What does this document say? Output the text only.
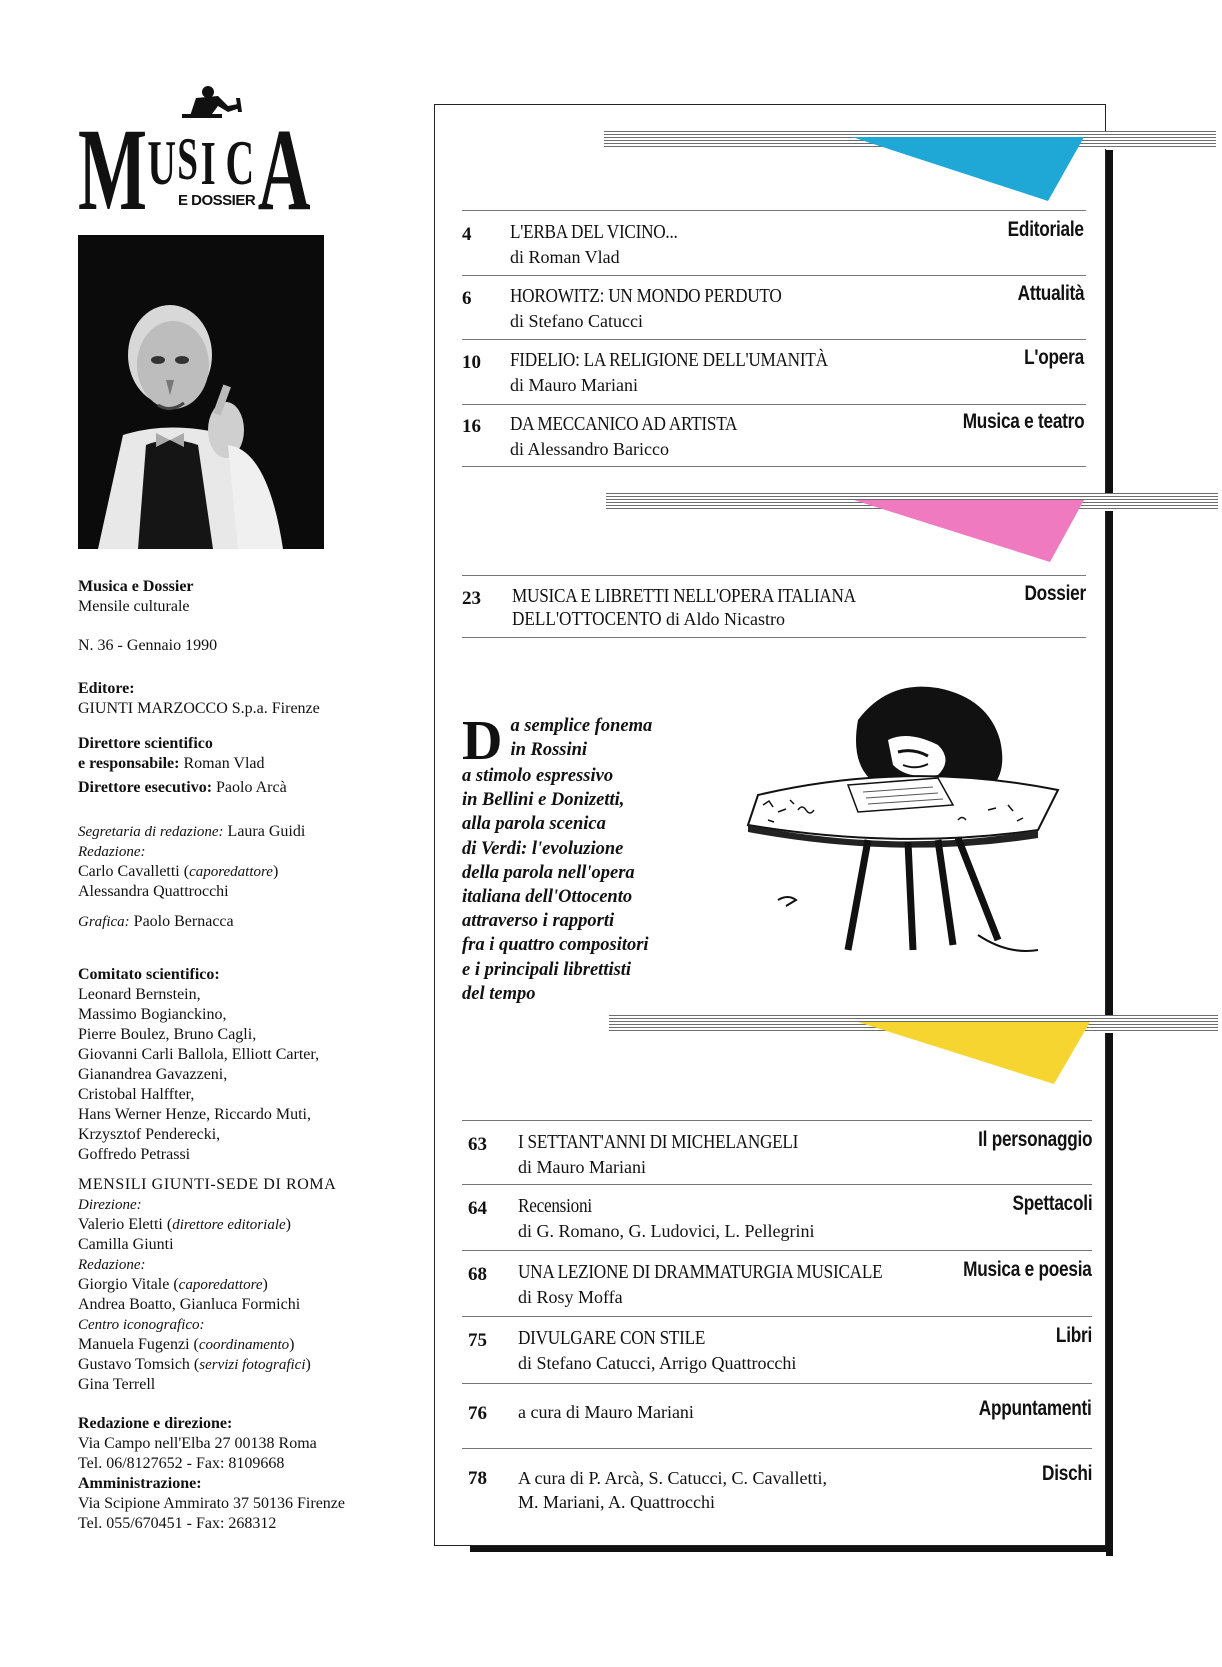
M U S I C A
E DOSSIER
Musica e Dossier
Mensile culturale
N. 36 - Gennaio 1990
Editore:
GIUNTI MARZOCCO S.p.a. Firenze
Direttore scientifico
e responsabile: Roman Vlad
Direttore esecutivo: Paolo Arcà
Segretaria di redazione: Laura Guidi
Redazione:
Carlo Cavalletti (caporedattore)
Alessandra Quattrocchi
Grafica: Paolo Bernacca
Comitato scientifico:
Leonard Bernstein,
Massimo Bogianckino,
Pierre Boulez, Bruno Cagli,
Giovanni Carli Ballola, Elliott Carter,
Gianandrea Gavazzeni,
Cristobal Halffter,
Hans Werner Henze, Riccardo Muti,
Krzysztof Penderecki,
Goffredo Petrassi
MENSILI GIUNTI-SEDE DI ROMA
Direzione:
Valerio Eletti (direttore editoriale)
Camilla Giunti
Redazione:
Giorgio Vitale (caporedattore)
Andrea Boatto, Gianluca Formichi
Centro iconografico:
Manuela Fugenzi (coordinamento)
Gustavo Tomsich (servizi fotografici)
Gina Terrell
Redazione e direzione:
Via Campo nell'Elba 27 00138 Roma
Tel. 06/8127652 - Fax: 8109668
Amministrazione:
Via Scipione Ammirato 37 50136 Firenze
Tel. 055/670451 - Fax: 268312
4 L'ERBA DEL VICINO...
di Roman Vlad
Editoriale
6 HOROWITZ: UN MONDO PERDUTO
di Stefano Catucci
Attualità
10 FIDELIO: LA RELIGIONE DELL'UMANITÀ
di Mauro Mariani
L'opera
16 DA MECCANICO AD ARTISTA
di Alessandro Baricco
Musica e teatro
23 MUSICA E LIBRETTI NELL'OPERA ITALIANA
DELL'OTTOCENTO di Aldo Nicastro
Dossier
D a semplice fonema
in Rossini
a stimolo espressivo
in Bellini e Donizetti,
alla parola scenica
di Verdi: l'evoluzione
della parola nell'opera
italiana dell'Ottocento
attraverso i rapporti
fra i quattro compositori
e i principali librettisti
del tempo
63 I SETTANT'ANNI DI MICHELANGELI
di Mauro Mariani
Il personaggio
64 Recensioni
di G. Romano, G. Ludovici, L. Pellegrini
Spettacoli
68 UNA LEZIONE DI DRAMMATURGIA MUSICALE
di Rosy Moffa
Musica e poesia
75 DIVULGARE CON STILE
di Stefano Catucci, Arrigo Quattrocchi
Libri
76 a cura di Mauro Mariani	Appuntamenti
78 A cura di P. Arcà, S. Catucci, C. Cavalletti,
M. Mariani, A. Quattrocchi
Dischi
